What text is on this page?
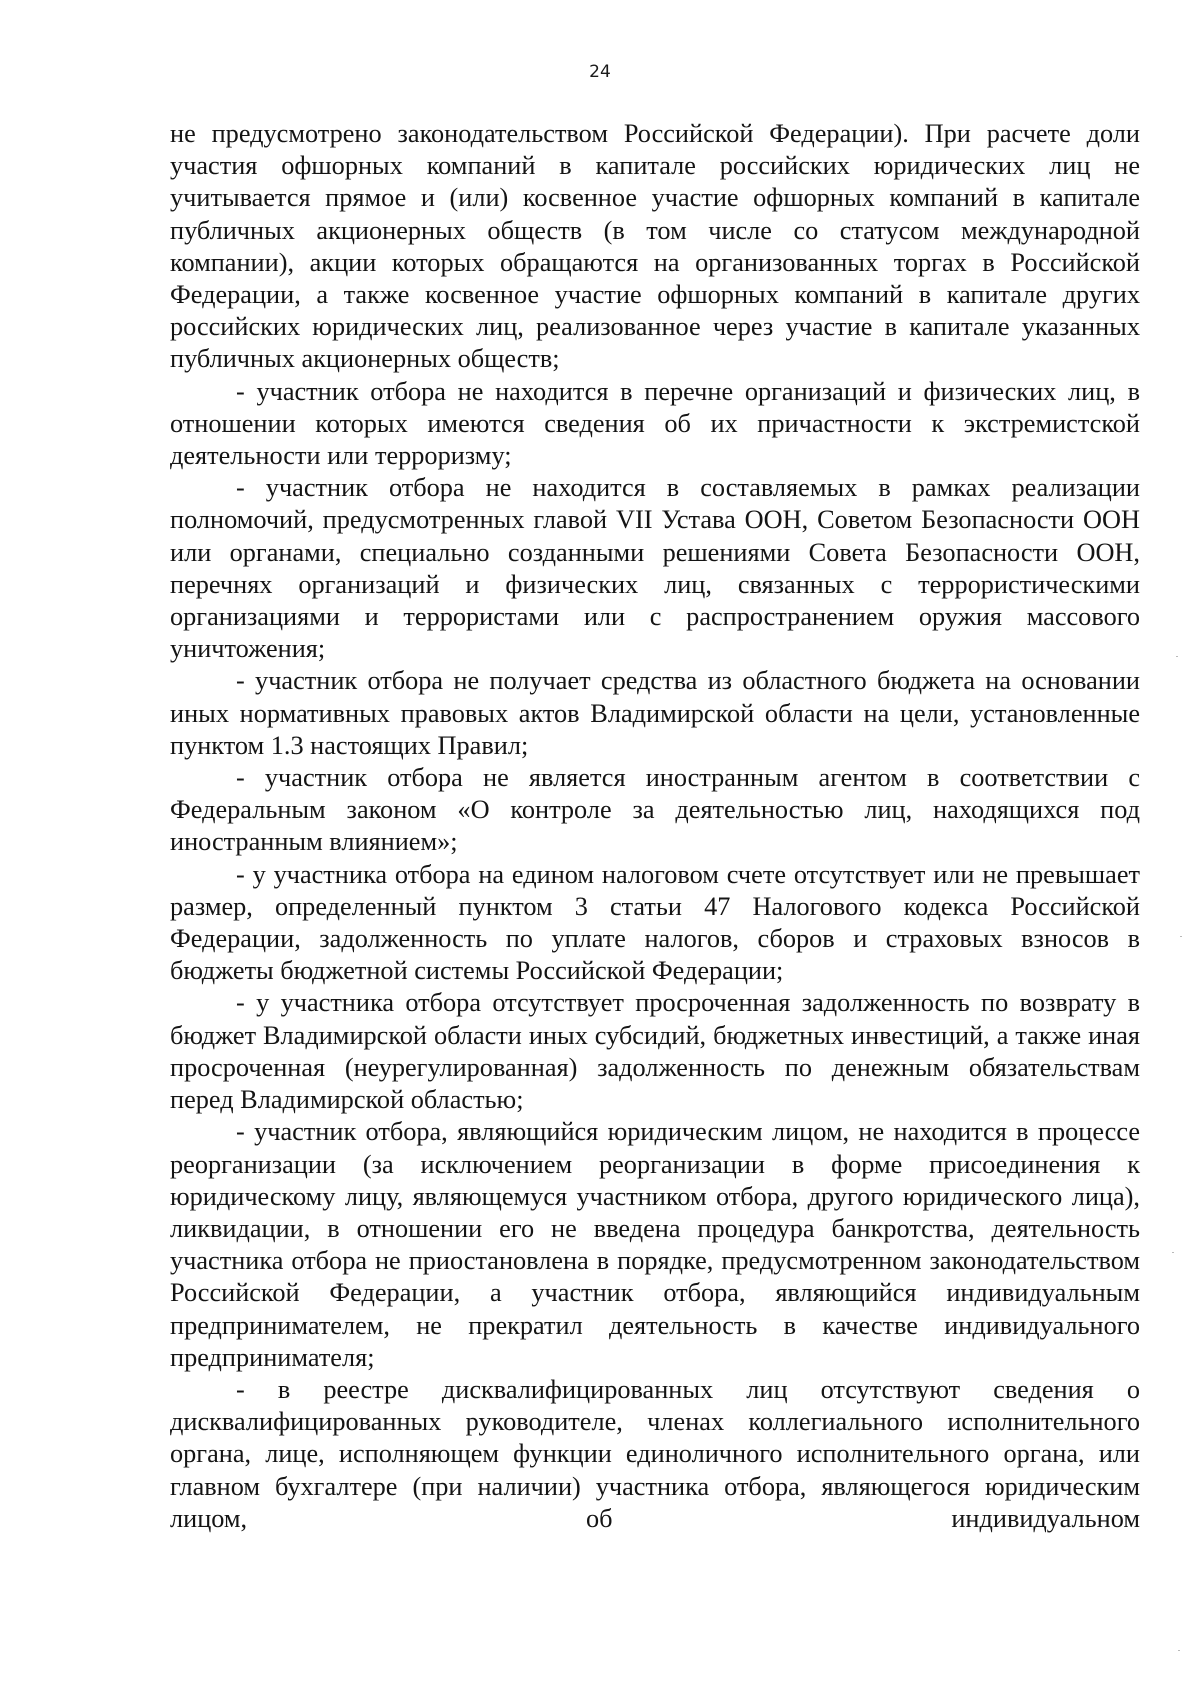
24

не предусмотрено законодательством Российской Федерации). При расчете доли участия офшорных компаний в капитале российских юридических лиц не учитывается прямое и (или) косвенное участие офшорных компаний в капитале публичных акционерных обществ (в том числе со статусом международной компании), акции которых обращаются на организованных торгах в Российской Федерации, а также косвенное участие офшорных компаний в капитале других российских юридических лиц, реализованное через участие в капитале указанных публичных акционерных обществ;

- участник отбора не находится в перечне организаций и физических лиц, в отношении которых имеются сведения об их причастности к экстремистской деятельности или терроризму;

- участник отбора не находится в составляемых в рамках реализации полномочий, предусмотренных главой VII Устава ООН, Советом Безопасности ООН или органами, специально созданными решениями Совета Безопасности ООН, перечнях организаций и физических лиц, связанных с террористическими организациями и террористами или с распространением оружия массового уничтожения;

- участник отбора не получает средства из областного бюджета на основании иных нормативных правовых актов Владимирской области на цели, установленные пунктом 1.3 настоящих Правил;

- участник отбора не является иностранным агентом в соответствии с Федеральным законом «О контроле за деятельностью лиц, находящихся под иностранным влиянием»;

- у участника отбора на едином налоговом счете отсутствует или не превышает размер, определенный пунктом 3 статьи 47 Налогового кодекса Российской Федерации, задолженность по уплате налогов, сборов и страховых взносов в бюджеты бюджетной системы Российской Федерации;

- у участника отбора отсутствует просроченная задолженность по возврату в бюджет Владимирской области иных субсидий, бюджетных инвестиций, а также иная просроченная (неурегулированная) задолженность по денежным обязательствам перед Владимирской областью;

- участник отбора, являющийся юридическим лицом, не находится в процессе реорганизации (за исключением реорганизации в форме присоединения к юридическому лицу, являющемуся участником отбора, другого юридического лица), ликвидации, в отношении его не введена процедура банкротства, деятельность участника отбора не приостановлена в порядке, предусмотренном законодательством Российской Федерации, а участник отбора, являющийся индивидуальным предпринимателем, не прекратил деятельность в качестве индивидуального предпринимателя;

- в реестре дисквалифицированных лиц отсутствуют сведения о дисквалифицированных руководителе, членах коллегиального исполнительного органа, лице, исполняющем функции единоличного исполнительного органа, или главном бухгалтере (при наличии) участника отбора, являющегося юридическим лицом, об индивидуальном
